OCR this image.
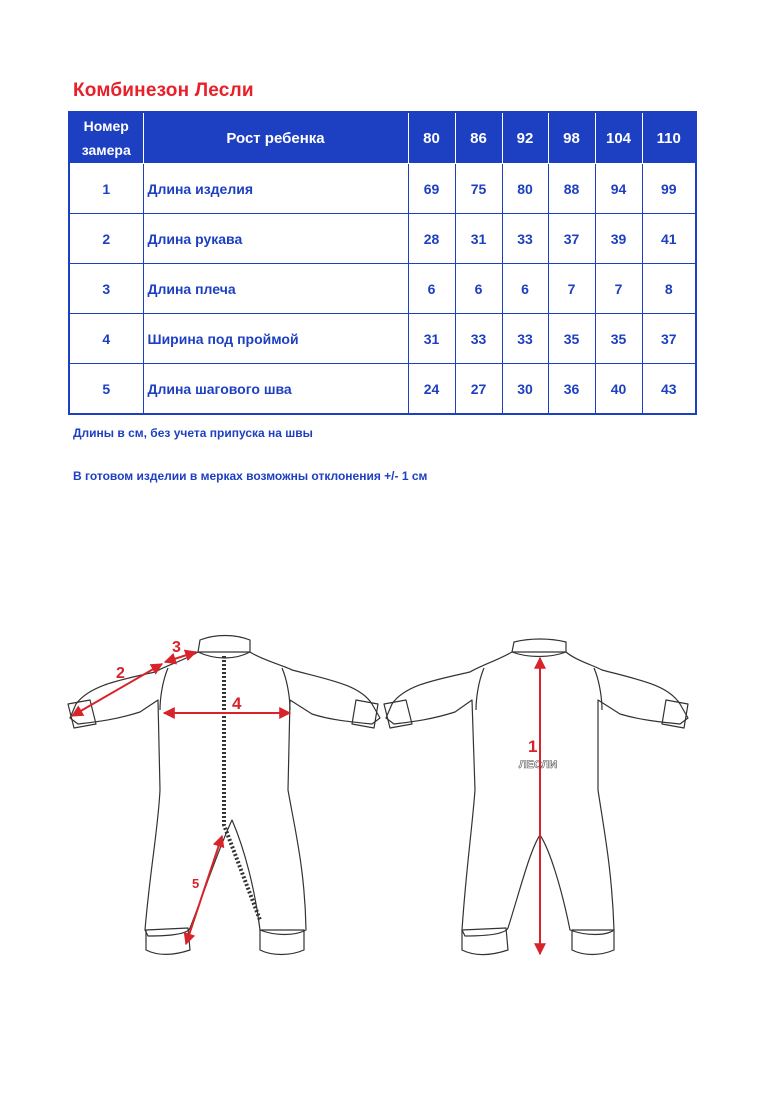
Комбинезон Лесли
Номер
замера	Рост ребенка	80	86	92	98	104	110
1	Длина изделия	69	75	80	88	94	99
2	Длина рукава	28	31	33	37	39	41
3	Длина плеча	6	6	6	7	7	8
4	Ширина под проймой	31	33	33	35	35	37
5	Длина шагового шва	24	27	30	36	40	43
Длины в см, без учета припуска на швы
В готовом изделии в мерках возможны отклонения +/- 1 см
ЛЕСЛИ
1
2
3
4
5
